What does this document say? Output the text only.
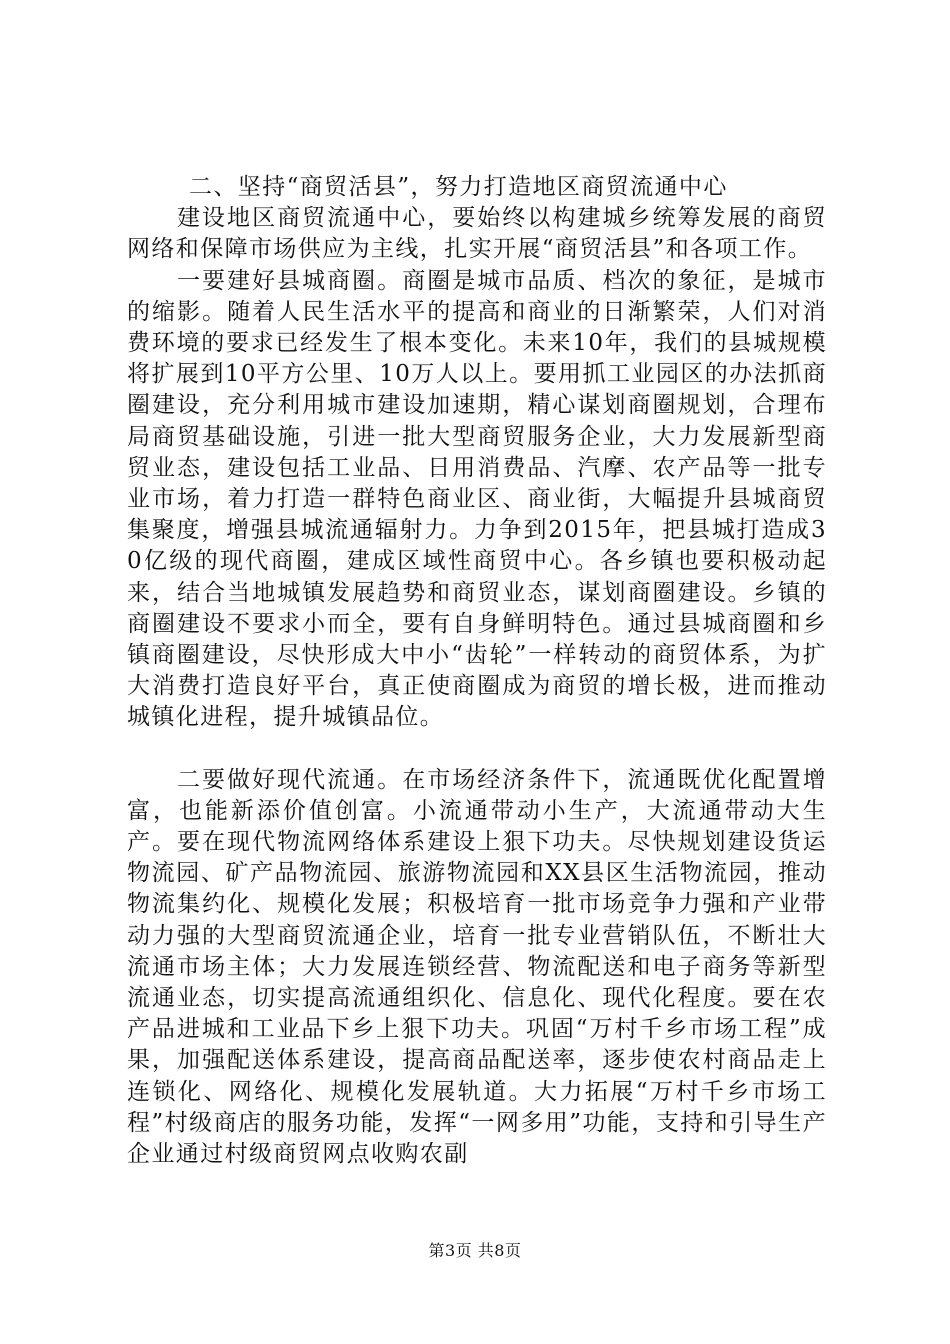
二、坚持“商贸活县”，努力打造地区商贸流通中心

建设地区商贸流通中心，要始终以构建城乡统筹发展的商贸网络和保障市场供应为主线，扎实开展“商贸活县”和各项工作。

一要建好县城商圈。商圈是城市品质、档次的象征，是城市的缩影。随着人民生活水平的提高和商业的日渐繁荣，人们对消费环境的要求已经发生了根本变化。未来10年，我们的县城规模将扩展到10平方公里、10万人以上。要用抓工业园区的办法抓商圈建设，充分利用城市建设加速期，精心谋划商圈规划，合理布局商贸基础设施，引进一批大型商贸服务企业，大力发展新型商贸业态，建设包括工业品、日用消费品、汽摩、农产品等一批专业市场，着力打造一群特色商业区、商业街，大幅提升县城商贸集聚度，增强县城流通辐射力。力争到2015年，把县城打造成30亿级的现代商圈，建成区域性商贸中心。各乡镇也要积极动起来，结合当地城镇发展趋势和商贸业态，谋划商圈建设。乡镇的商圈建设不要求小而全，要有自身鲜明特色。通过县城商圈和乡镇商圈建设，尽快形成大中小“齿轮”一样转动的商贸体系，为扩大消费打造良好平台，真正使商圈成为商贸的增长极，进而推动城镇化进程，提升城镇品位。

二要做好现代流通。在市场经济条件下，流通既优化配置增富，也能新添价值创富。小流通带动小生产，大流通带动大生产。要在现代物流网络体系建设上狠下功夫。尽快规划建设货运物流园、矿产品物流园、旅游物流园和XX县区生活物流园，推动物流集约化、规模化发展；积极培育一批市场竞争力强和产业带动力强的大型商贸流通企业，培育一批专业营销队伍，不断壮大流通市场主体；大力发展连锁经营、物流配送和电子商务等新型流通业态，切实提高流通组织化、信息化、现代化程度。要在农产品进城和工业品下乡上狠下功夫。巩固“万村千乡市场工程”成果，加强配送体系建设，提高商品配送率，逐步使农村商品走上连锁化、网络化、规模化发展轨道。大力拓展“万村千乡市场工程”村级商店的服务功能，发挥“一网多用”功能，支持和引导生产企业通过村级商贸网点收购农副

第3页 共8页
